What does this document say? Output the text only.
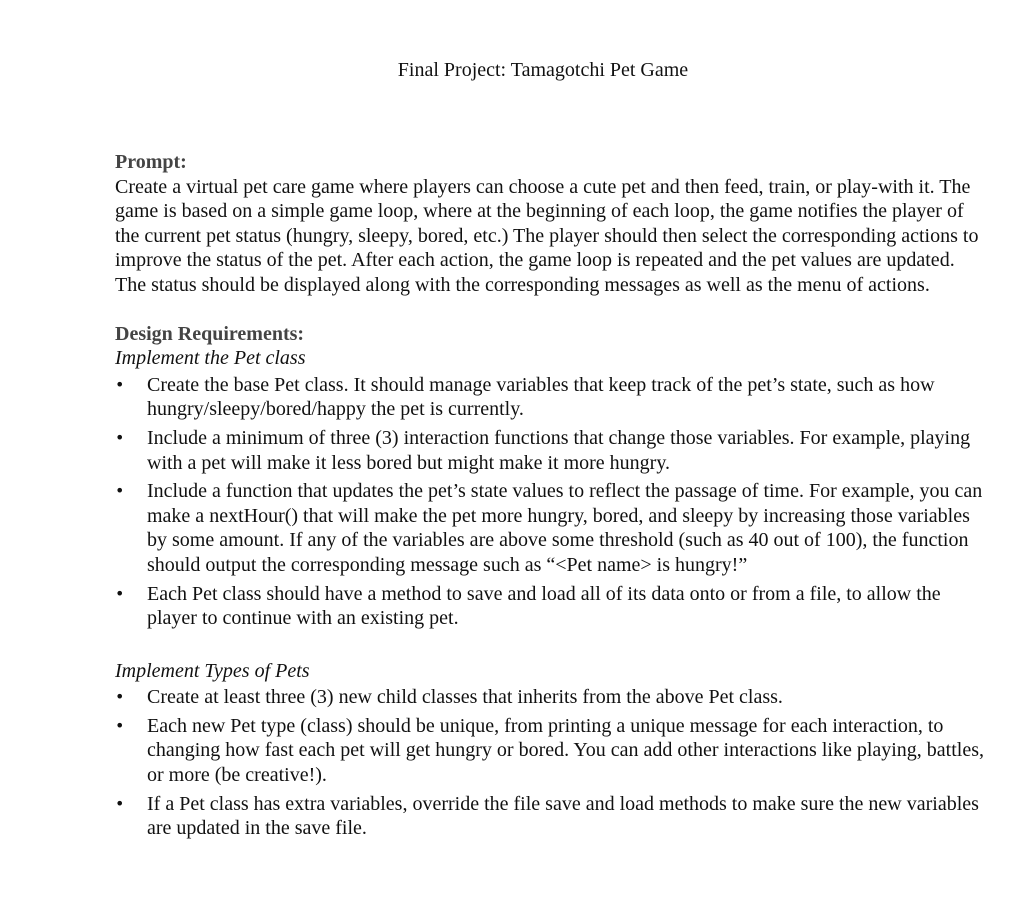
Final Project: Tamagotchi Pet Game
Prompt:

Create a virtual pet care game where players can choose a cute pet and then feed, train, or play-with it. The game is based on a simple game loop, where at the beginning of each loop, the game notifies the player of the current pet status (hungry, sleepy, bored, etc.) The player should then select the corresponding actions to improve the status of the pet. After each action, the game loop is repeated and the pet values are updated. The status should be displayed along with the corresponding messages as well as the menu of actions.

Design Requirements:
Implement the Pet class
• Create the base Pet class. It should manage variables that keep track of the pet’s state, such as how hungry/sleepy/bored/happy the pet is currently.
• Include a minimum of three (3) interaction functions that change those variables. For example, playing with a pet will make it less bored but might make it more hungry.
• Include a function that updates the pet’s state values to reflect the passage of time. For example, you can make a nextHour() that will make the pet more hungry, bored, and sleepy by increasing those variables by some amount. If any of the variables are above some threshold (such as 40 out of 100), the function should output the corresponding message such as “<Pet name> is hungry!”
• Each Pet class should have a method to save and load all of its data onto or from a file, to allow the player to continue with an existing pet.
Implement Types of Pets
• Create at least three (3) new child classes that inherits from the above Pet class.
• Each new Pet type (class) should be unique, from printing a unique message for each interaction, to changing how fast each pet will get hungry or bored. You can add other interactions like playing, battles, or more (be creative!).
• If a Pet class has extra variables, override the file save and load methods to make sure the new variables are updated in the save file.
